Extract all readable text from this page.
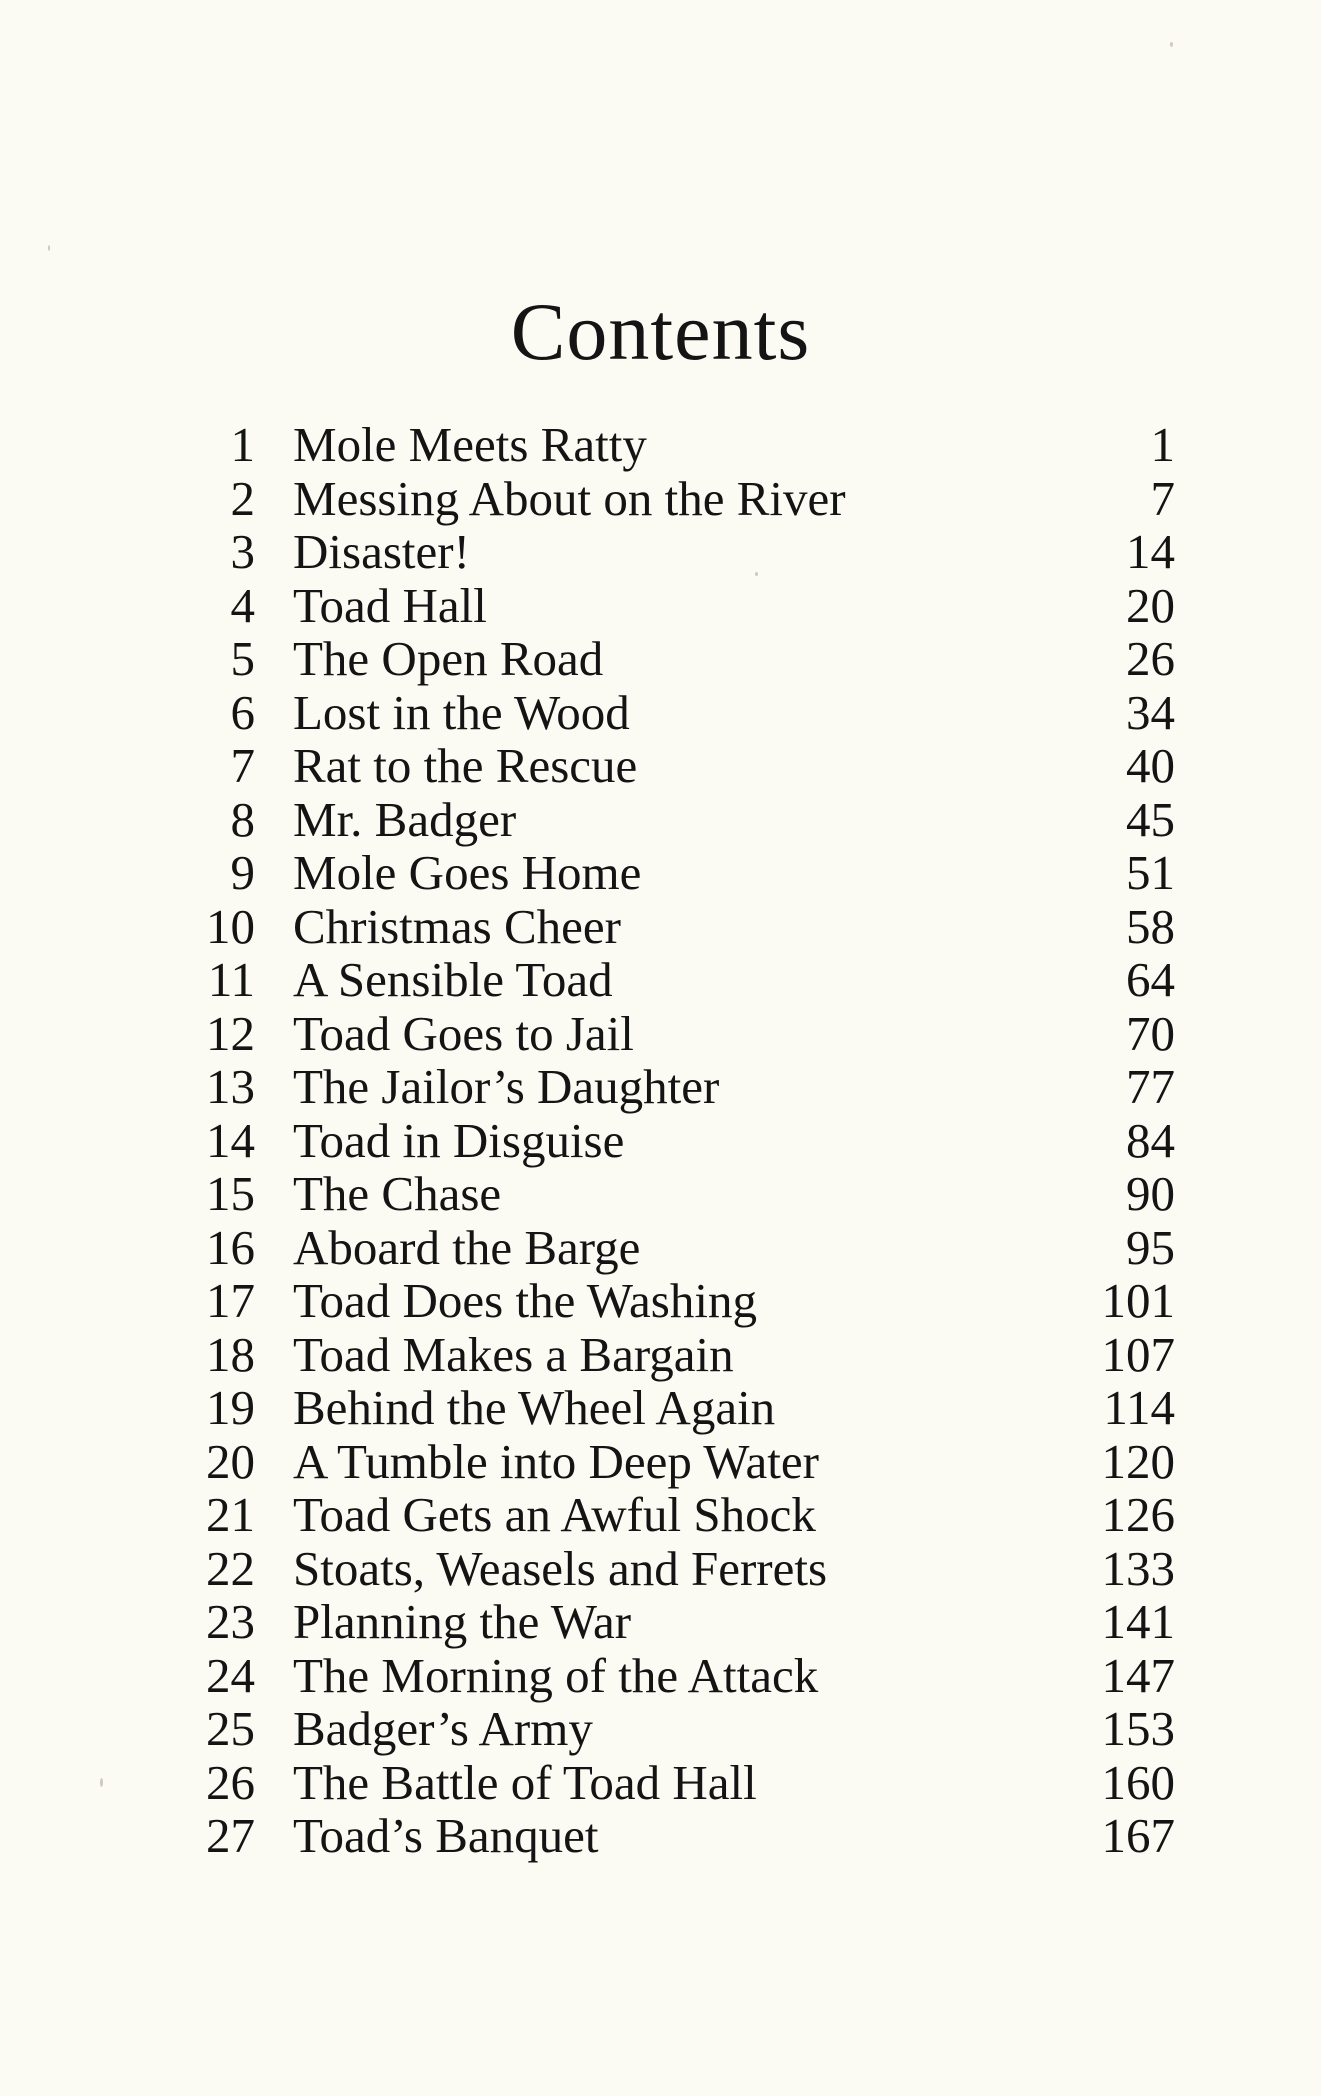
Contents
1 Mole Meets Ratty	1
2 Messing About on the River	7
3 Disaster!	14
4 Toad Hall	20
5 The Open Road	26
6 Lost in the Wood	34
7 Rat to the Rescue	40
8 Mr. Badger	45
9 Mole Goes Home	51
10 Christmas Cheer	58
11 A Sensible Toad	64
12 Toad Goes to Jail	70
13 The Jailor’s Daughter	77
14 Toad in Disguise	84
15 The Chase	90
16 Aboard the Barge	95
17 Toad Does the Washing	101
18 Toad Makes a Bargain	107
19 Behind the Wheel Again	114
20 A Tumble into Deep Water	120
21 Toad Gets an Awful Shock	126
22 Stoats, Weasels and Ferrets	133
23 Planning the War	141
24 The Morning of the Attack	147
25 Badger’s Army	153
26 The Battle of Toad Hall	160
27 Toad’s Banquet	167
